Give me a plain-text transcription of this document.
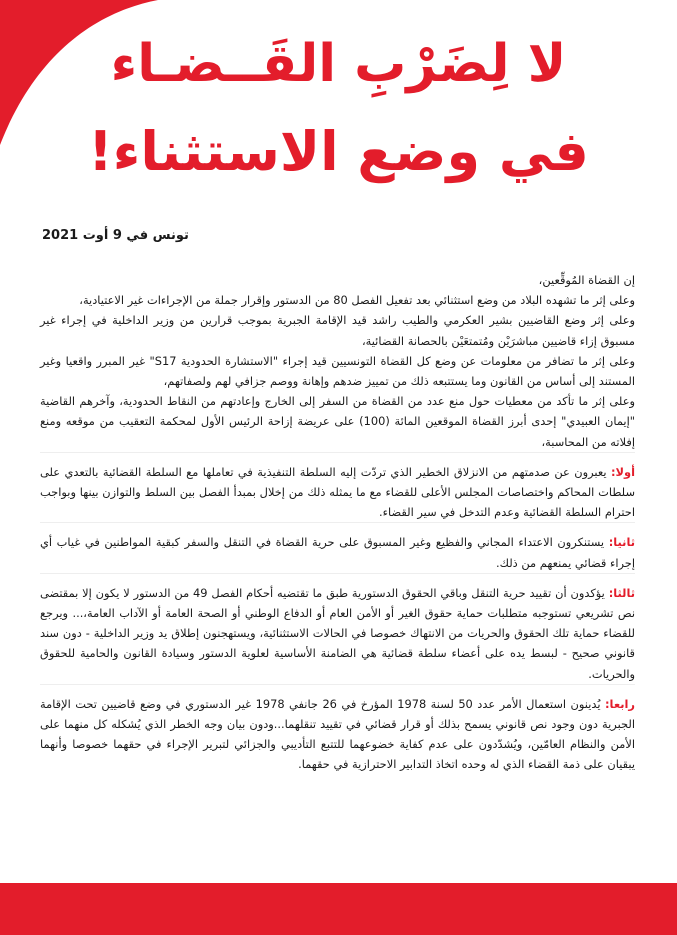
لا لِضَرْبِ القَــضـاء
في وضع الاستثناء!
تونس في 9 أوت 2021

إن القضاة المُوقِّعين،

وعلى إثر ما تشهده البلاد من وضع استثنائي بعد تفعيل الفصل 80 من الدستور وإقرار جملة من الإجراءات غير الاعتيادية،

وعلى إثر وضع القاضيين بشير العكرمي والطيب راشد قيد الإقامة الجبرية بموجب قرارين من وزير الداخلية في إجراء غير مسبوق إزاء قاضيين مباشرَيْن ومُتمتعَيْن بالحصانة القضائية،

وعلى إثر ما تضافر من معلومات عن وضع كل القضاة التونسيين قيد إجراء "الاستشارة الحدودية S17" غير المبرر واقعيا وغير المستند إلى أساس من القانون وما يستتبعه ذلك من تمييز ضدهم وإهانة ووصم جزافي لهم ولصفاتهم،

وعلى إثر ما تأكد من معطيات حول منع عدد من القضاة من السفر إلى الخارج وإعادتهم من النقاط الحدودية، وآخرهم القاضية "إيمان العبيدي" إحدى أبرز القضاة الموقعين المائة (100) على عريضة إزاحة الرئيس الأول لمحكمة التعقيب من موقعه ومنع إفلاته من المحاسبة،

أولا: يعبرون عن صدمتهم من الانزلاق الخطير الذي تردّت إليه السلطة التنفيذية في تعاملها مع السلطة القضائية بالتعدي على سلطات المحاكم واختصاصات المجلس الأعلى للقضاء مع ما يمثله ذلك من إخلال بمبدأ الفصل بين السلط والتوازن بينها وبواجب احترام السلطة القضائية وعدم التدخل في سير القضاء.

ثانيا: يستنكرون الاعتداء المجاني والفظيع وغير المسبوق على حرية القضاة في التنقل والسفر كبقية المواطنين في غياب أي إجراء قضائي يمنعهم من ذلك.

ثالثا: يؤكدون أن تقييد حرية التنقل وباقي الحقوق الدستورية طبق ما تقتضيه أحكام الفصل 49 من الدستور لا يكون إلا بمقتضى نص تشريعي تستوجبه متطلبات حماية حقوق الغير أو الأمن العام أو الدفاع الوطني أو الصحة العامة أو الآداب العامة،... ويرجع للقضاء حماية تلك الحقوق والحريات من الانتهاك خصوصا في الحالات الاستثنائية، ويستهجنون إطلاق يد وزير الداخلية - دون سند قانوني صحيح - لبسط يده على أعضاء سلطة قضائية هي الضامنة الأساسية لعلوية الدستور وسيادة القانون والحامية للحقوق والحريات.

رابعا: يُدينون استعمال الأمر عدد 50 لسنة 1978 المؤرخ في 26 جانفي 1978 غير الدستوري في وضع قاضيين تحت الإقامة الجبرية دون وجود نص قانوني يسمح بذلك أو قرار قضائي في تقييد تنقلهما...ودون بيان وجه الخطر الذي يُشكله كل منهما على الأمن والنظام العامّين، ويُشدّدون على عدم كفاية خضوعهما للتتبع التأديبي والجزائي لتبرير الإجراء في حقهما خصوصا وأنهما يبقيان على ذمة القضاء الذي له وحده اتخاذ التدابير الاحترازية في حقهما.
